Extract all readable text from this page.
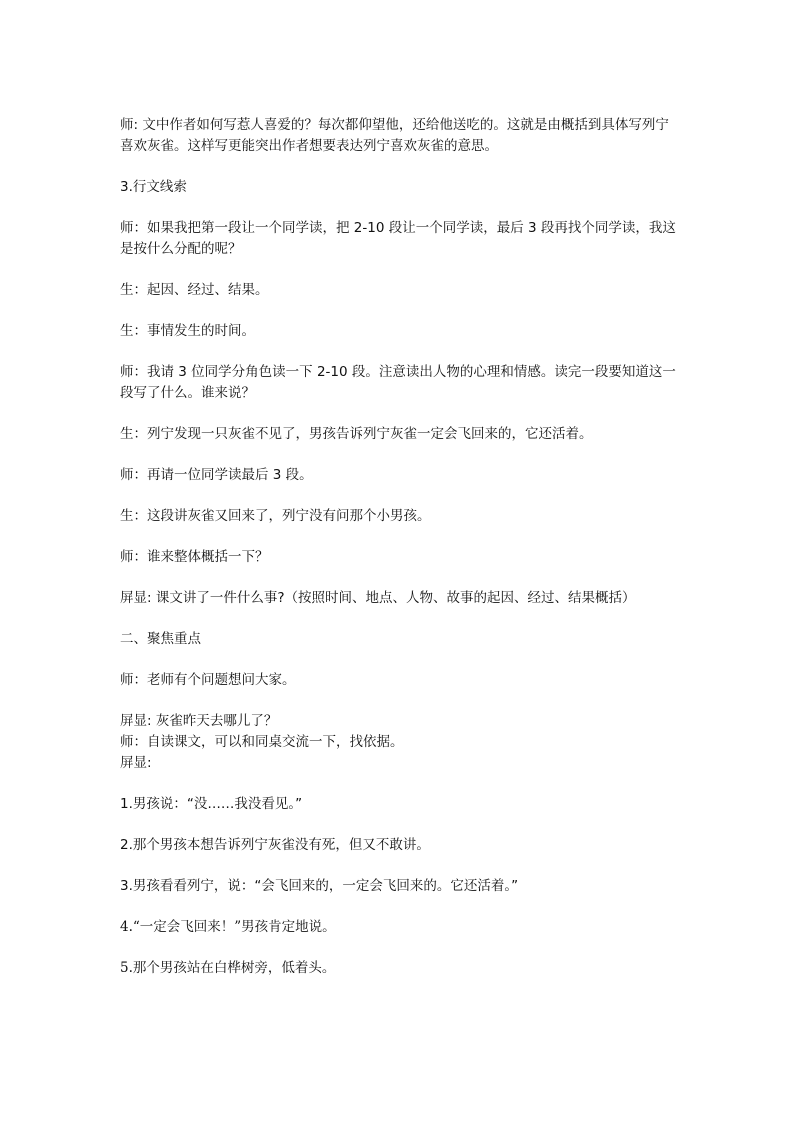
师: 文中作者如何写惹人喜爱的？每次都仰望他，还给他送吃的。这就是由概括到具体写列宁喜欢灰雀。这样写更能突出作者想要表达列宁喜欢灰雀的意思。

3.行文线索

师：如果我把第一段让一个同学读，把 2-10 段让一个同学读，最后 3 段再找个同学读，我这是按什么分配的呢？

生：起因、经过、结果。

生：事情发生的时间。

师：我请 3 位同学分角色读一下 2-10 段。注意读出人物的心理和情感。读完一段要知道这一段写了什么。谁来说？

生：列宁发现一只灰雀不见了，男孩告诉列宁灰雀一定会飞回来的，它还活着。

师：再请一位同学读最后 3 段。

生：这段讲灰雀又回来了，列宁没有问那个小男孩。

师：谁来整体概括一下？

屏显: 课文讲了一件什么事?（按照时间、地点、人物、故事的起因、经过、结果概括）

二、聚焦重点

师：老师有个问题想问大家。

屏显: 灰雀昨天去哪儿了？

师：自读课文，可以和同桌交流一下，找依据。

屏显:

1.男孩说：“没……我没看见。”

2.那个男孩本想告诉列宁灰雀没有死，但又不敢讲。

3.男孩看看列宁，说：“会飞回来的，一定会飞回来的。它还活着。”

4.“一定会飞回来！”男孩肯定地说。

5.那个男孩站在白桦树旁，低着头。
